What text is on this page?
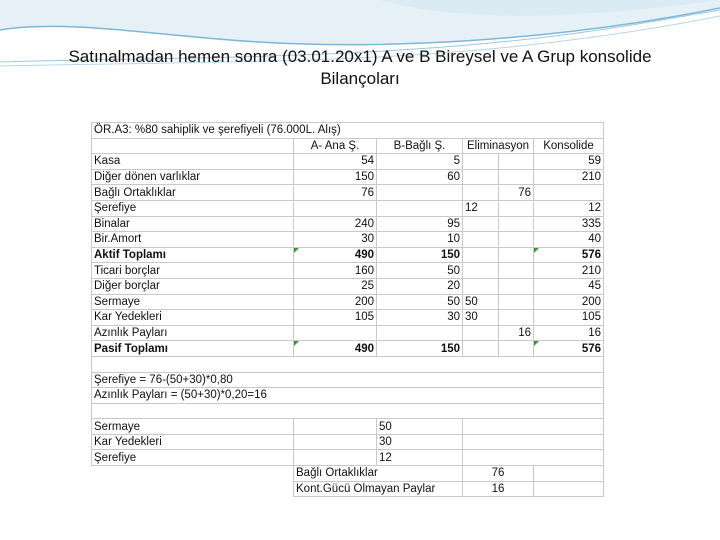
Satınalmadan hemen sonra (03.01.20x1) A ve B Bireysel ve A Grup konsolide Bilançoları
ÖR.A3: %80 sahiplik ve şerefiyeli (76.000L. Alış)					
	A- Ana Ş.	B-Bağlı Ş.	Eliminasyon		Konsolide
Kasa	54	5			59
Diğer dönen varlıklar	150	60			210
Bağlı Ortaklıklar	76			76	
Şerefiye			12		12
Binalar	240	95			335
Bir.Amort	30	10			40
Aktif Toplamı	490	150			576
Ticari borçlar	160	50			210
Diğer borçlar	25	20			45
Sermaye	200	50	50		200
Kar Yedekleri	105	30	30		105
Azınlık Payları				16	16
Pasif Toplamı	490	150			576

Şerefiye = 76-(50+30)*0,80					
Azınlık Payları = (50+30)*0,20=16					

Sermaye		50			
Kar Yedekleri		30			
Şerefiye		12			
	Bağlı Ortaklıklar		76		
	Kont.Gücü Olmayan Paylar		16		
